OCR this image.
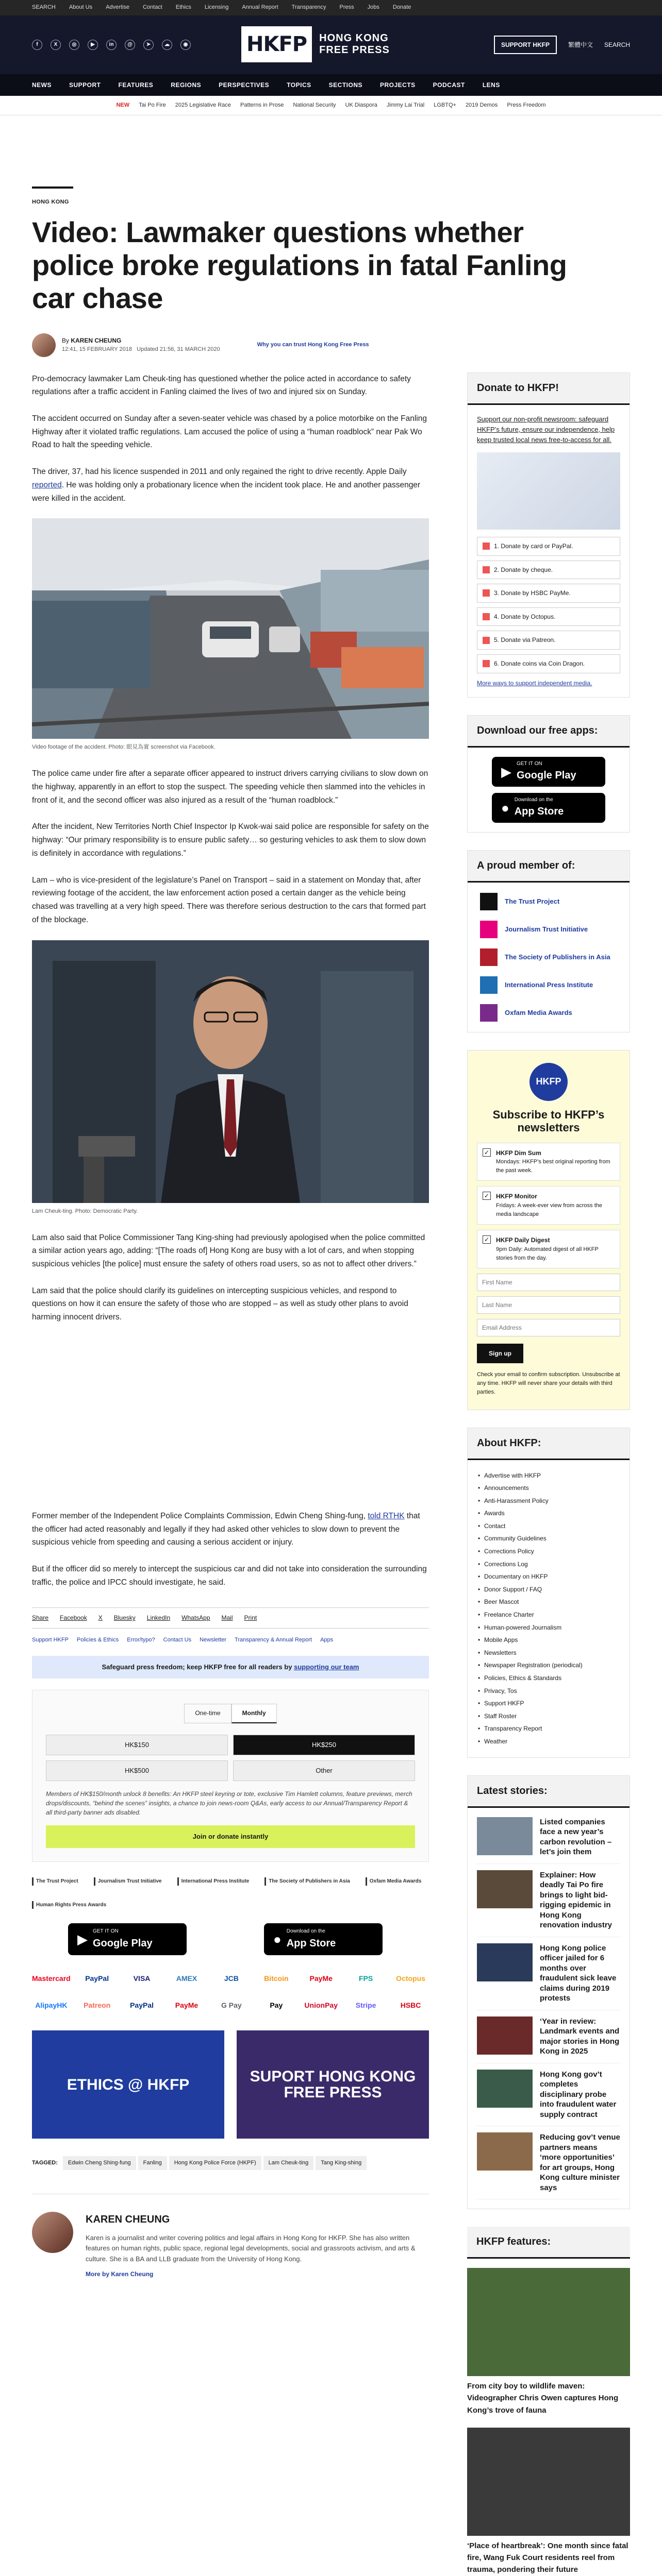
SEARCH About Us Advertise Contact Ethics Licensing Annual Report Transparency Press Jobs Donate
f	X	◎	▶	in	@	➤	☁	◉	HKFP	HONG KONG
FREE PRESS	SUPPORT HKFP	繁體中文 SEARCH
NEWS	SUPPORT	FEATURES	REGIONS	PERSPECTIVES	TOPICS	SECTIONS	PROJECTS	PODCAST	LENS
NEW Tai Po Fire 2025 Legislative Race Patterns in Prose National Security UK Diaspora Jimmy Lai Trial LGBTQ+ 2019 Demos Press Freedom
HONG KONG
Video: Lawmaker questions whether police broke regulations in fatal Fanling car chase
By KAREN CHEUNG
12:41, 15 FEBRUARY 2018 Updated 21:56, 31 MARCH 2020
Why you can trust Hong Kong Free Press

Pro-democracy lawmaker Lam Cheuk-ting has questioned whether the police acted in accordance to safety regulations after a traffic accident in Fanling claimed the lives of two and injured six on Sunday.

The accident occurred on Sunday after a seven-seater vehicle was chased by a police motorbike on the Fanling Highway after it violated traffic regulations. Lam accused the police of using a “human roadblock” near Pak Wo Road to halt the speeding vehicle.

The driver, 37, had his licence suspended in 2011 and only regained the right to drive recently. Apple Daily reported. He was holding only a probationary licence when the incident took place. He and another passenger were killed in the accident.

Video footage of the accident. Photo: 眼見為實 screenshot via Facebook.

The police came under fire after a separate officer appeared to instruct drivers carrying civilians to slow down on the highway, apparently in an effort to stop the suspect. The speeding vehicle then slammed into the vehicles in front of it, and the second officer was also injured as a result of the “human roadblock.”

After the incident, New Territories North Chief Inspector Ip Kwok-wai said police are responsible for safety on the highway: “Our primary responsibility is to ensure public safety… so gesturing vehicles to ask them to slow down is definitely in accordance with regulations.”

Lam – who is vice-president of the legislature’s Panel on Transport – said in a statement on Monday that, after reviewing footage of the accident, the law enforcement action posed a certain danger as the vehicle being chased was travelling at a very high speed. There was therefore serious destruction to the cars that formed part of the blockage.

Lam Cheuk-ting. Photo: Democratic Party.

Lam also said that Police Commissioner Tang King-shing had previously apologised when the police committed a similar action years ago, adding: “[The roads of] Hong Kong are busy with a lot of cars, and when stopping suspicious vehicles [the police] must ensure the safety of others road users, so as not to affect other drivers.”

Lam said that the police should clarify its guidelines on intercepting suspicious vehicles, and respond to questions on how it can ensure the safety of those who are stopped – as well as study other plans to avoid harming innocent drivers.

Former member of the Independent Police Complaints Commission, Edwin Cheng Shing-fung, told RTHK that the officer had acted reasonably and legally if they had asked other vehicles to slow down to prevent the suspicious vehicle from speeding and causing a serious accident or injury.

But if the officer did so merely to intercept the suspicious car and did not take into consideration the surrounding traffic, the police and IPCC should investigate, he said.

Share Facebook X Bluesky LinkedIn WhatsApp Mail Print
Support HKFP Policies & Ethics Error/typo? Contact Us Newsletter Transparency & Annual Report Apps
Safeguard press freedom; keep HKFP free for all readers by supporting our team
One-time	Monthly
HK$150	HK$250
HK$500	Other
Members of HK$150/month unlock 8 benefits: An HKFP steel keyring or tote, exclusive Tim Hamlett columns, feature previews, merch drops/discounts, “behind the scenes” insights, a chance to join news-room Q&As, early access to our Annual/Transparency Report & all third-party banner ads disabled.
Join or donate instantly
The Trust Project	Journalism Trust Initiative	International Press Institute	The Society of Publishers in Asia	Oxfam Media Awards
Human Rights Press Awards
▶
GET IT ON
Google Play	●
Download on the
App Store
Mastercard	PayPal	VISA	AMEX	JCB	Bitcoin	PayMe	FPS	Octopus
AlipayHK	Patreon	PayPal	PayMe	G Pay	Pay	UnionPay	Stripe	HSBC
ETHICS @ HKFP	SUPORT HONG KONG FREE PRESS
TAGGED: Edwin Cheng Shing-fung Fanling Hong Kong Police Force (HKPF) Lam Cheuk-ting Tang King-shing
KAREN CHEUNG

Karen is a journalist and writer covering politics and legal affairs in Hong Kong for HKFP. She has also written features on human rights, public space, regional legal developments, social and grassroots activism, and arts & culture. She is a BA and LLB graduate from the University of Hong Kong.

More by Karen Cheung
Donate to HKFP!

Support our non-profit newsroom: safeguard HKFP’s future, ensure our independence, help keep trusted local news free-to-access for all.

1. Donate by card or PayPal.
2. Donate by cheque.
3. Donate by HSBC PayMe.
4. Donate by Octopus.
5. Donate via Patreon.
6. Donate coins via Coin Dragon.
More ways to support independent media.
Download our free apps:
▶
GET IT ON
Google Play
●
Download on the
App Store
A proud member of:
The Trust Project
Journalism Trust Initiative
The Society of Publishers in Asia
International Press Institute
Oxfam Media Awards
HKFP
Subscribe to HKFP’s newsletters
✓ HKFP Dim Sum
Mondays: HKFP’s best original reporting from the past week.
✓ HKFP Monitor
Fridays: A week-ever view from across the media landscape
✓ HKFP Daily Digest
9pm Daily: Automated digest of all HKFP stories from the day.
First Name Last Name Email Address
Sign up

Check your email to confirm subscription. Unsubscribe at any time. HKFP will never share your details with third parties.

About HKFP:
• Advertise with HKFP
• Announcements
• Anti-Harassment Policy
• Awards
• Contact
• Community Guidelines
• Corrections Policy
• Corrections Log
• Documentary on HKFP
• Donor Support / FAQ
• Beer Mascot
• Freelance Charter
• Human-powered Journalism
• Mobile Apps
• Newsletters
• Newspaper Registration (periodical)
• Policies, Ethics & Standards
• Privacy, Tos
• Support HKFP
• Staff Roster
• Transparency Report
• Weather
Latest stories:
Listed companies face a new year’s carbon revolution – let’s join them
Explainer: How deadly Tai Po fire brings to light bid-rigging epidemic in Hong Kong renovation industry
Hong Kong police officer jailed for 6 months over fraudulent sick leave claims during 2019 protests
‘Year in review: Landmark events and major stories in Hong Kong in 2025
Hong Kong gov’t completes disciplinary probe into fraudulent water supply contract
Reducing gov’t venue partners means ‘more opportunities’ for art groups, Hong Kong culture minister says
HKFP features:
From city boy to wildlife maven: Videographer Chris Owen captures Hong Kong’s trove of fauna
‘Place of heartbreak’: One month since fatal fire, Wang Fuk Court residents reel from trauma, pondering their future
